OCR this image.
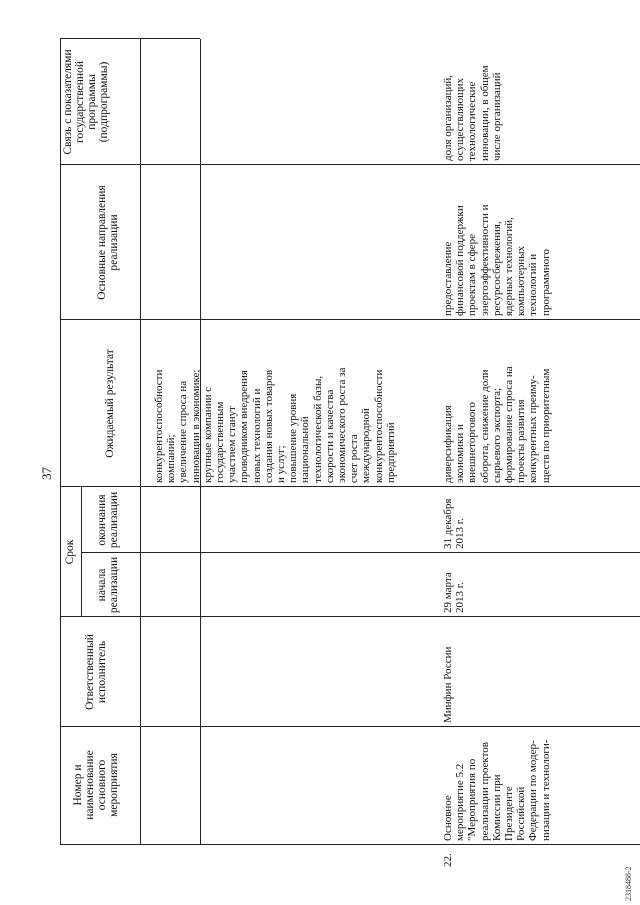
Номер и наименование основного мероприятия
Ответственный исполнитель
Срок
начала реализации
окончания реализации
Ожидаемый результат
Основные направления реализации
Связь с показателями государственной программы (подпрограммы)
37	конкурентоспособности
компаний;
увеличение спроса на
инновации в экономике;
крупные компании с
государственным
участием станут
проводником внедрения
новых технологий и
создания новых товаров
и услуг;
повышение уровня
национальной
технологической базы,
скорости и качества
экономического роста за
счет роста
международной
конкурентоспособности
предприятий
22.
Основное
мероприятие 5.2
"Мероприятия по
реализации проектов
Комиссии при
Президенте
Российской
Федерации по модер-
низации и технологи-
Минфин России
29 марта
2013 г.
31 декабря
2013 г.
диверсификация
экономики и
внешнеторгового
оборота, снижение доли
сырьевого экспорта;
формирование спроса на
проекты развития
конкурентных преиму-
ществ по приоритетным
предоставление
финансовой поддержки
проектам в сфере
энергоэффективности и
ресурсосбережения,
ядерных технологий,
компьютерных
технологий и
программного
доля организаций,
осуществляющих
технологические
инновации, в общем
числе организаций
2318488-2
